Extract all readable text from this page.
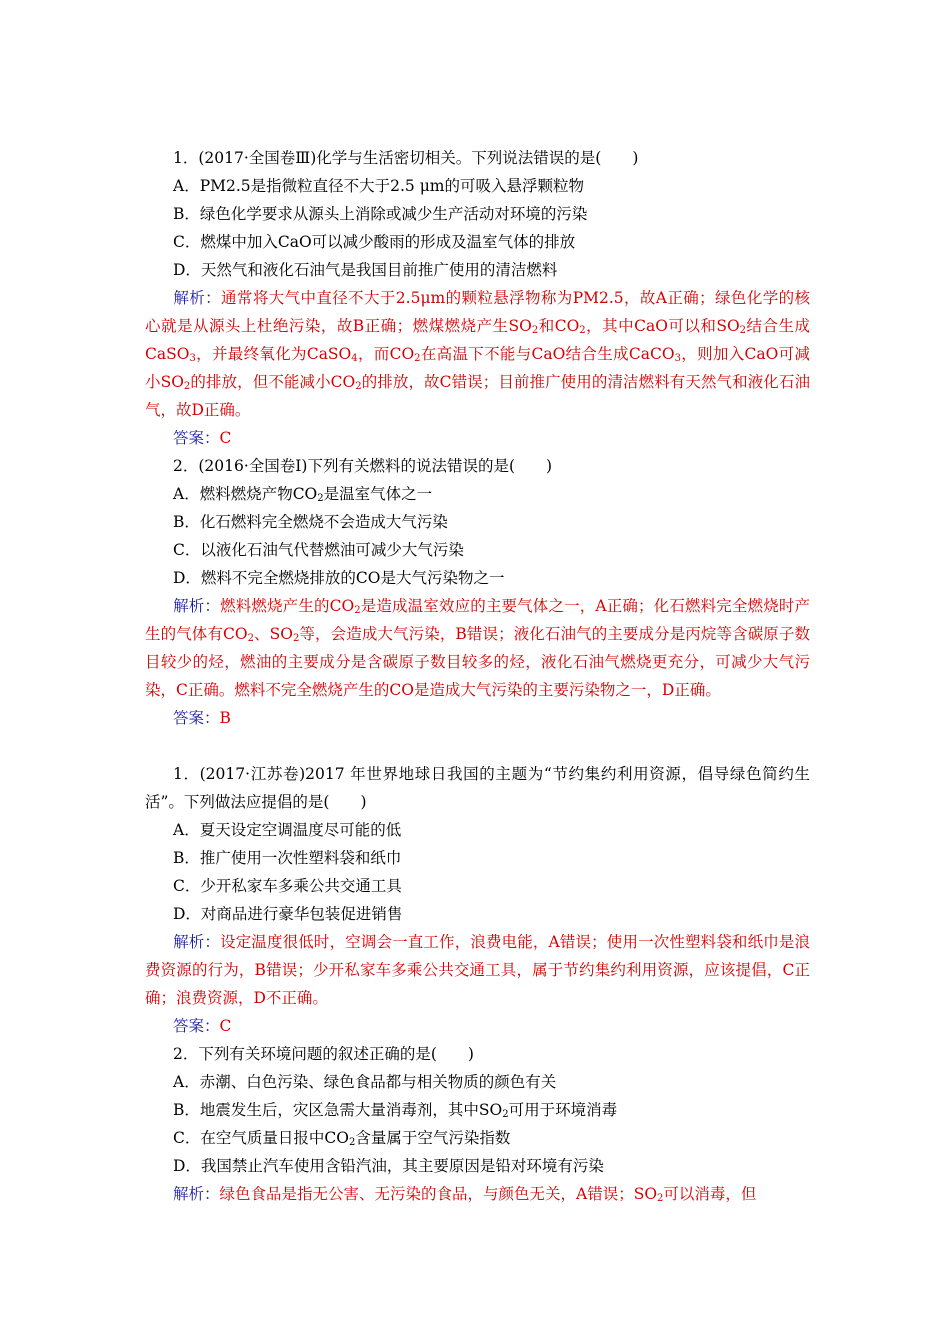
1．(2017·全国卷Ⅲ)化学与生活密切相关。下列说法错误的是(　　)
A．PM2.5是指微粒直径不大于2.5 μm的可吸入悬浮颗粒物
B．绿色化学要求从源头上消除或减少生产活动对环境的污染
C．燃煤中加入CaO可以减少酸雨的形成及温室气体的排放
D．天然气和液化石油气是我国目前推广使用的清洁燃料
解析：通常将大气中直径不大于2.5μm的颗粒悬浮物称为PM2.5，故A正确；绿色化学的核心就是从源头上杜绝污染，故B正确；燃煤燃烧产生$SO_2$和$CO_2$，其中CaO可以和$SO_2$结合生成CaSO$_3$，并最终氧化为CaSO$_4$，而$CO_2$在高温下不能与CaO结合生成CaCO$_3$，则加入CaO可减小$SO_2$的排放，但不能减小$CO_2$的排放，故C错误；目前推广使用的清洁燃料有天然气和液化石油气，故D正确。
答案：C
2．(2016·全国卷Ⅰ)下列有关燃料的说法错误的是(　　)
A．燃料燃烧产物$CO_2$是温室气体之一
B．化石燃料完全燃烧不会造成大气污染
C．以液化石油气代替燃油可减少大气污染
D．燃料不完全燃烧排放的CO是大气污染物之一
解析：燃料燃烧产生的$CO_2$是造成温室效应的主要气体之一，A正确；化石燃料完全燃烧时产生的气体有$CO_2$、$SO_2$等，会造成大气污染，B错误；液化石油气的主要成分是丙烷等含碳原子数目较少的烃，燃油的主要成分是含碳原子数目较多的烃，液化石油气燃烧更充分，可减少大气污染，C正确。燃料不完全燃烧产生的CO是造成大气污染的主要污染物之一，D正确。
答案：B
1．(2017·江苏卷)2017 年世界地球日我国的主题为“节约集约利用资源，倡导绿色简约生活”。下列做法应提倡的是(　　)
A．夏天设定空调温度尽可能的低
B．推广使用一次性塑料袋和纸巾
C．少开私家车多乘公共交通工具
D．对商品进行豪华包装促进销售
解析：设定温度很低时，空调会一直工作，浪费电能，A错误；使用一次性塑料袋和纸巾是浪费资源的行为，B错误；少开私家车多乘公共交通工具，属于节约集约利用资源，应该提倡，C正确；浪费资源，D不正确。
答案：C
2．下列有关环境问题的叙述正确的是(　　)
A．赤潮、白色污染、绿色食品都与相关物质的颜色有关
B．地震发生后，灾区急需大量消毒剂，其中$SO_2$可用于环境消毒
C．在空气质量日报中$CO_2$含量属于空气污染指数
D．我国禁止汽车使用含铅汽油，其主要原因是铅对环境有污染
解析：绿色食品是指无公害、无污染的食品，与颜色无关，A错误；$SO_2$可以消毒，但
